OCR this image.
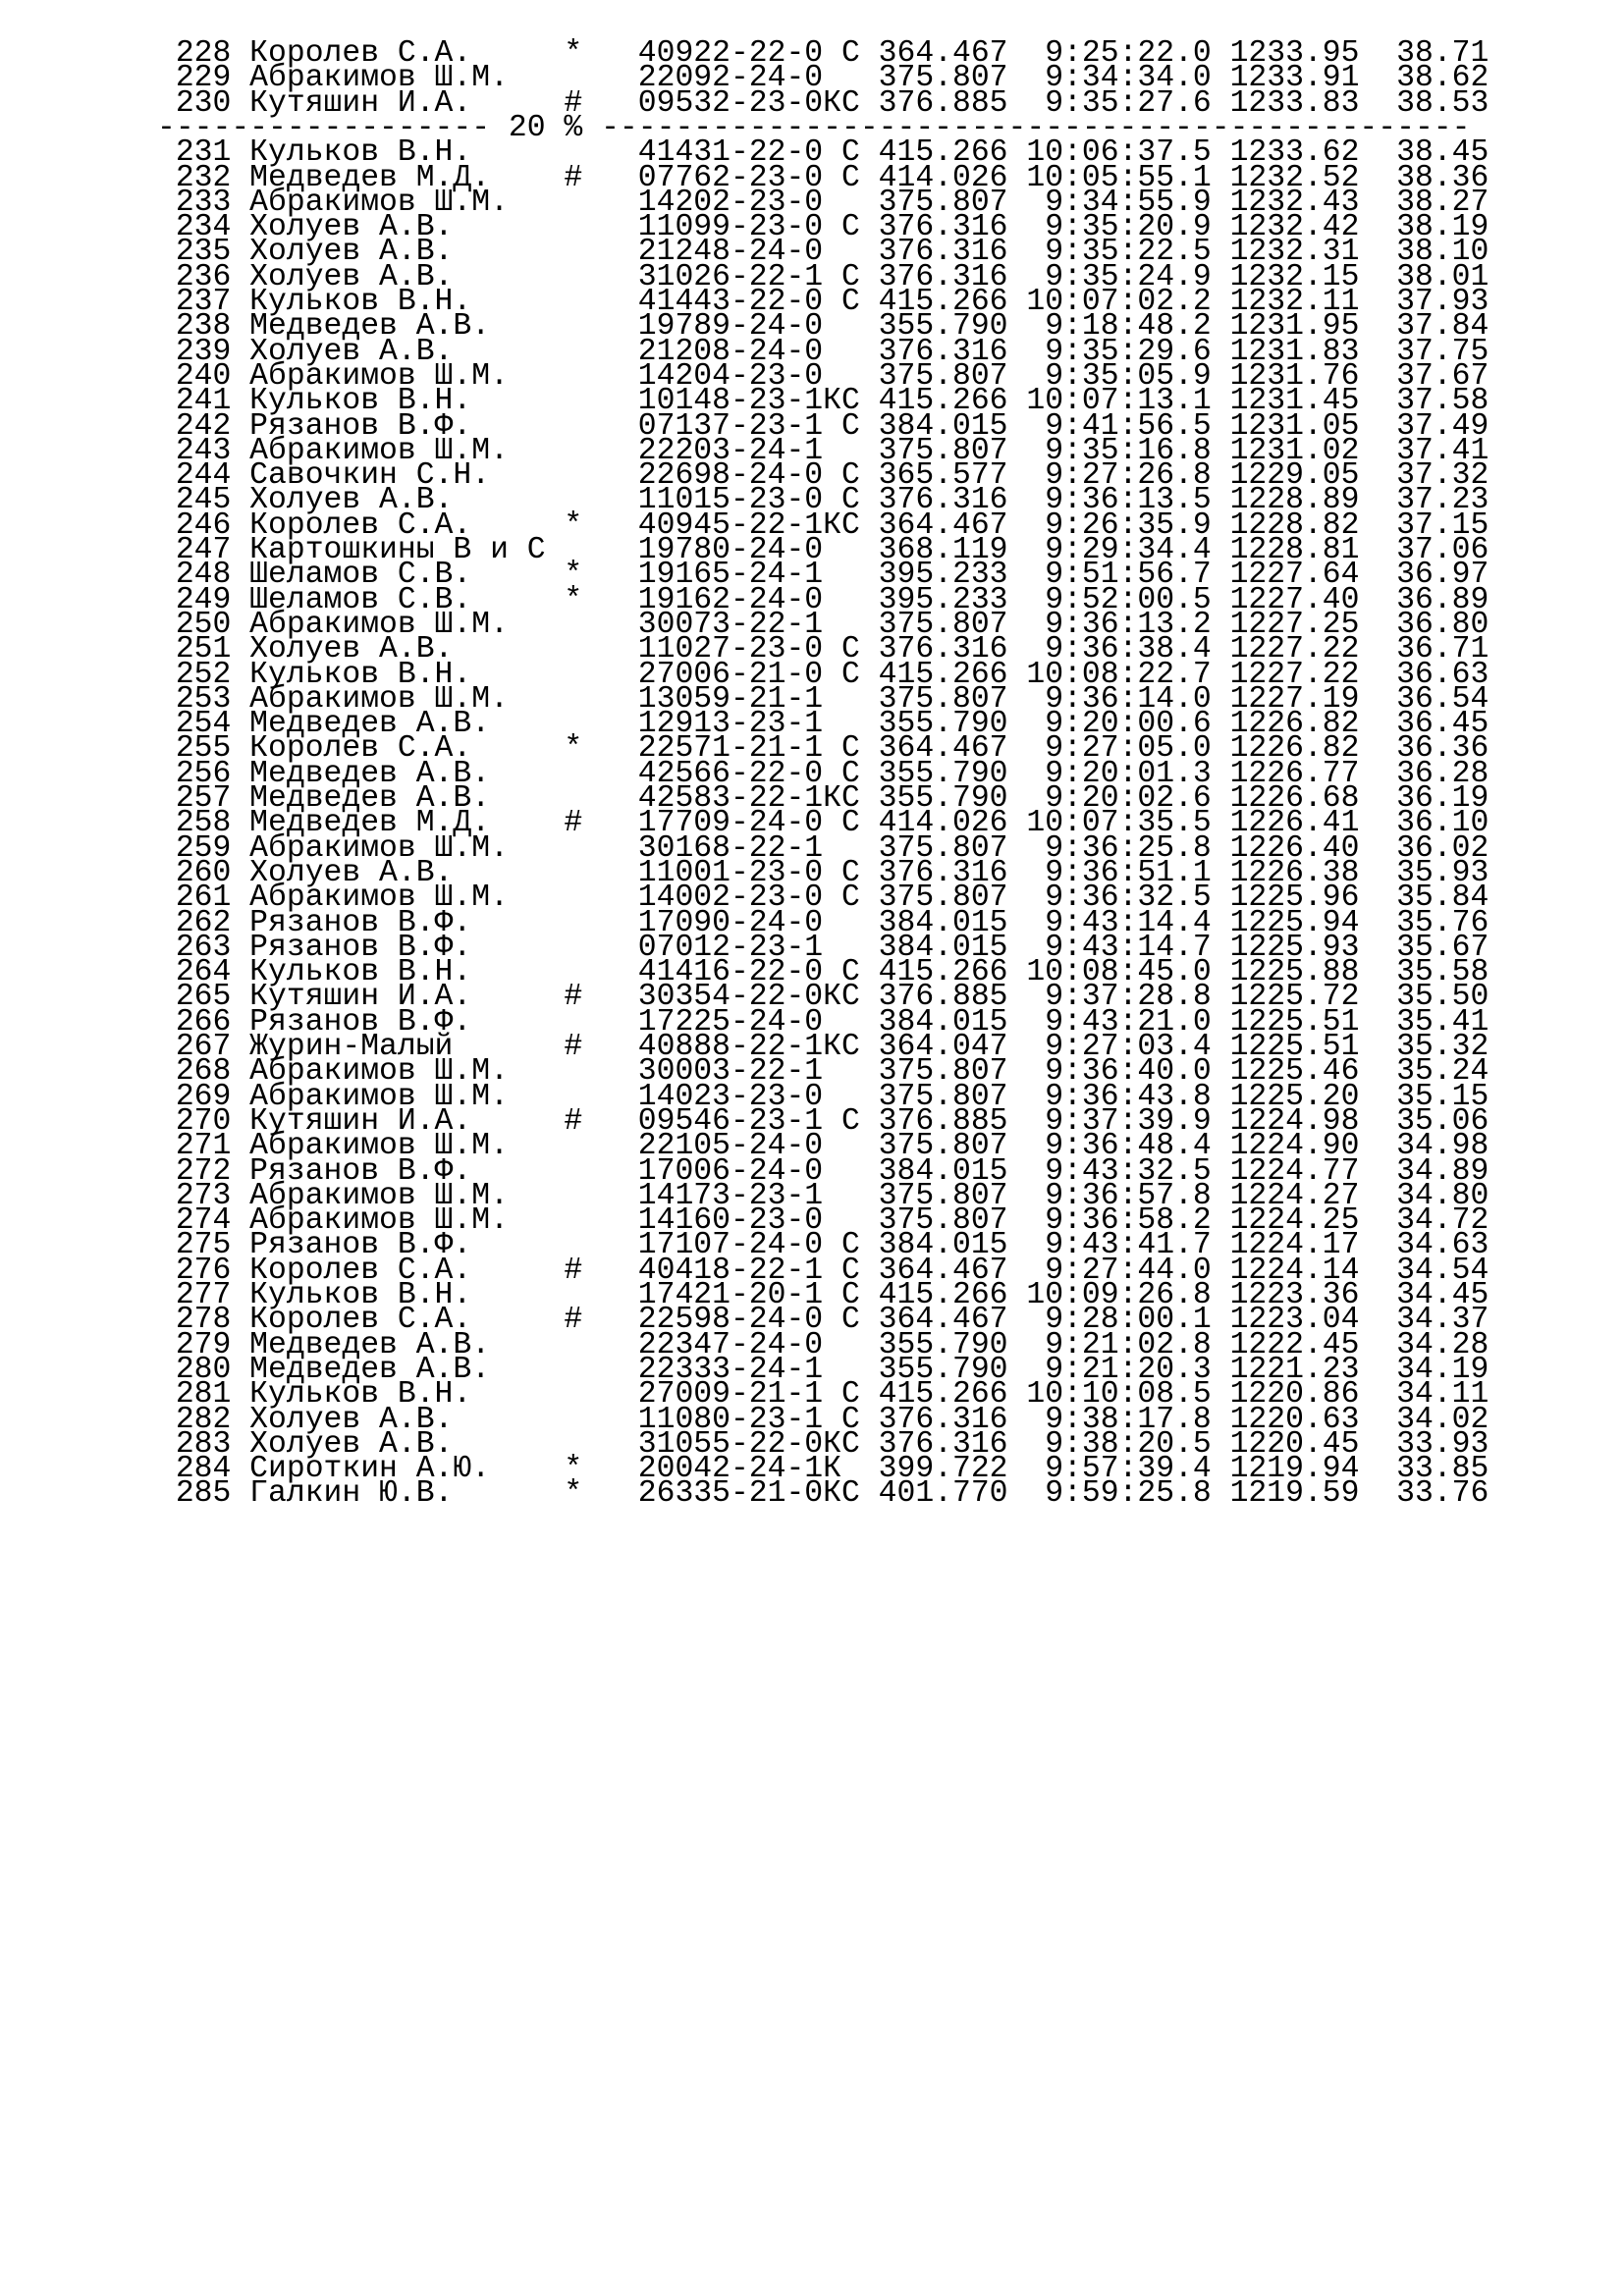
228 Королев С.А.     *   40922-22-0 С 364.467  9:25:22.0 1233.95  38.71
229 Абракимов Ш.М.       22092-24-0   375.807  9:34:34.0 1233.91  38.62
230 Кутяшин И.А.     #   09532-23-0КС 376.885  9:35:27.6 1233.83  38.53
------------------ 20 % -----------------------------------------------
231 Кульков В.Н.         41431-22-0 С 415.266 10:06:37.5 1233.62  38.45
232 Медведев М.Д.    #   07762-23-0 С 414.026 10:05:55.1 1232.52  38.36
233 Абракимов Ш.М.       14202-23-0   375.807  9:34:55.9 1232.43  38.27
234 Холуев А.В.          11099-23-0 С 376.316  9:35:20.9 1232.42  38.19
235 Холуев А.В.          21248-24-0   376.316  9:35:22.5 1232.31  38.10
236 Холуев А.В.          31026-22-1 С 376.316  9:35:24.9 1232.15  38.01
237 Кульков В.Н.         41443-22-0 С 415.266 10:07:02.2 1232.11  37.93
238 Медведев А.В.        19789-24-0   355.790  9:18:48.2 1231.95  37.84
239 Холуев А.В.          21208-24-0   376.316  9:35:29.6 1231.83  37.75
240 Абракимов Ш.М.       14204-23-0   375.807  9:35:05.9 1231.76  37.67
241 Кульков В.Н.         10148-23-1КС 415.266 10:07:13.1 1231.45  37.58
242 Рязанов В.Ф.         07137-23-1 С 384.015  9:41:56.5 1231.05  37.49
243 Абракимов Ш.М.       22203-24-1   375.807  9:35:16.8 1231.02  37.41
244 Савочкин С.Н.        22698-24-0 С 365.577  9:27:26.8 1229.05  37.32
245 Холуев А.В.          11015-23-0 С 376.316  9:36:13.5 1228.89  37.23
246 Королев С.А.     *   40945-22-1КС 364.467  9:26:35.9 1228.82  37.15
247 Картошкины В и С     19780-24-0   368.119  9:29:34.4 1228.81  37.06
248 Шеламов С.В.     *   19165-24-1   395.233  9:51:56.7 1227.64  36.97
249 Шеламов С.В.     *   19162-24-0   395.233  9:52:00.5 1227.40  36.89
250 Абракимов Ш.М.       30073-22-1   375.807  9:36:13.2 1227.25  36.80
251 Холуев А.В.          11027-23-0 С 376.316  9:36:38.4 1227.22  36.71
252 Кульков В.Н.         27006-21-0 С 415.266 10:08:22.7 1227.22  36.63
253 Абракимов Ш.М.       13059-21-1   375.807  9:36:14.0 1227.19  36.54
254 Медведев А.В.        12913-23-1   355.790  9:20:00.6 1226.82  36.45
255 Королев С.А.     *   22571-21-1 С 364.467  9:27:05.0 1226.82  36.36
256 Медведев А.В.        42566-22-0 С 355.790  9:20:01.3 1226.77  36.28
257 Медведев А.В.        42583-22-1КС 355.790  9:20:02.6 1226.68  36.19
258 Медведев М.Д.    #   17709-24-0 С 414.026 10:07:35.5 1226.41  36.10
259 Абракимов Ш.М.       30168-22-1   375.807  9:36:25.8 1226.40  36.02
260 Холуев А.В.          11001-23-0 С 376.316  9:36:51.1 1226.38  35.93
261 Абракимов Ш.М.       14002-23-0 С 375.807  9:36:32.5 1225.96  35.84
262 Рязанов В.Ф.         17090-24-0   384.015  9:43:14.4 1225.94  35.76
263 Рязанов В.Ф.         07012-23-1   384.015  9:43:14.7 1225.93  35.67
264 Кульков В.Н.         41416-22-0 С 415.266 10:08:45.0 1225.88  35.58
265 Кутяшин И.А.     #   30354-22-0КС 376.885  9:37:28.8 1225.72  35.50
266 Рязанов В.Ф.         17225-24-0   384.015  9:43:21.0 1225.51  35.41
267 Журин-Малый      #   40888-22-1КС 364.047  9:27:03.4 1225.51  35.32
268 Абракимов Ш.М.       30003-22-1   375.807  9:36:40.0 1225.46  35.24
269 Абракимов Ш.М.       14023-23-0   375.807  9:36:43.8 1225.20  35.15
270 Кутяшин И.А.     #   09546-23-1 С 376.885  9:37:39.9 1224.98  35.06
271 Абракимов Ш.М.       22105-24-0   375.807  9:36:48.4 1224.90  34.98
272 Рязанов В.Ф.         17006-24-0   384.015  9:43:32.5 1224.77  34.89
273 Абракимов Ш.М.       14173-23-1   375.807  9:36:57.8 1224.27  34.80
274 Абракимов Ш.М.       14160-23-0   375.807  9:36:58.2 1224.25  34.72
275 Рязанов В.Ф.         17107-24-0 С 384.015  9:43:41.7 1224.17  34.63
276 Королев С.А.     #   40418-22-1 С 364.467  9:27:44.0 1224.14  34.54
277 Кульков В.Н.         17421-20-1 С 415.266 10:09:26.8 1223.36  34.45
278 Королев С.А.     #   22598-24-0 С 364.467  9:28:00.1 1223.04  34.37
279 Медведев А.В.        22347-24-0   355.790  9:21:02.8 1222.45  34.28
280 Медведев А.В.        22333-24-1   355.790  9:21:20.3 1221.23  34.19
281 Кульков В.Н.         27009-21-1 С 415.266 10:10:08.5 1220.86  34.11
282 Холуев А.В.          11080-23-1 С 376.316  9:38:17.8 1220.63  34.02
283 Холуев А.В.          31055-22-0КС 376.316  9:38:20.5 1220.45  33.93
284 Сироткин А.Ю.    *   20042-24-1К  399.722  9:57:39.4 1219.94  33.85
285 Галкин Ю.В.      *   26335-21-0КС 401.770  9:59:25.8 1219.59  33.76
